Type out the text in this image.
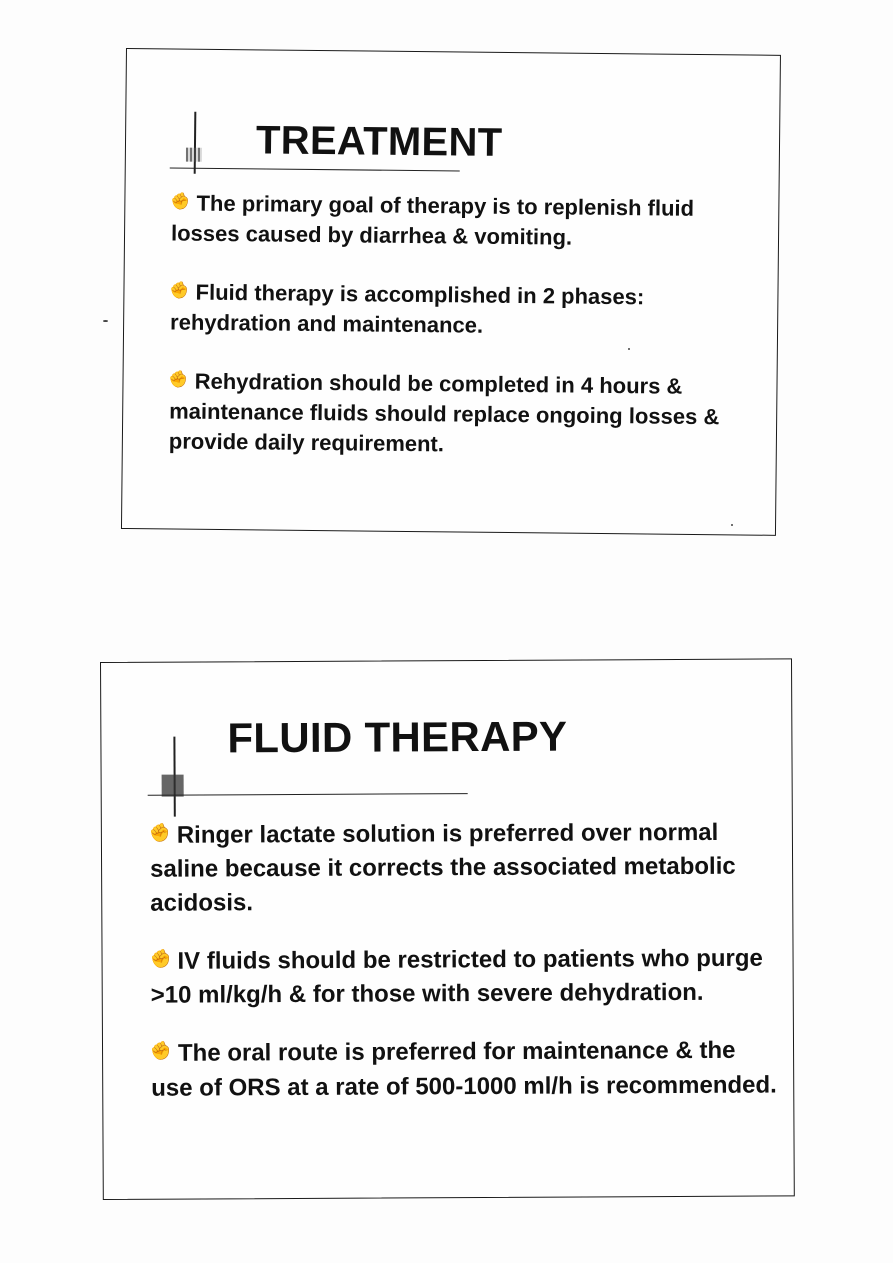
TREATMENT
✊ The primary goal of therapy is to replenish fluid losses caused by diarrhea & vomiting.
✊ Fluid therapy is accomplished in 2 phases: rehydration and maintenance.
✊ Rehydration should be completed in 4 hours & maintenance fluids should replace ongoing losses & provide daily requirement.
FLUID THERAPY
✊ Ringer lactate solution is preferred over normal saline because it corrects the associated metabolic acidosis.
✊ IV fluids should be restricted to patients who purge >10 ml/kg/h & for those with severe dehydration.
✊ The oral route is preferred for maintenance & the use of ORS at a rate of 500-1000 ml/h is recommended.
